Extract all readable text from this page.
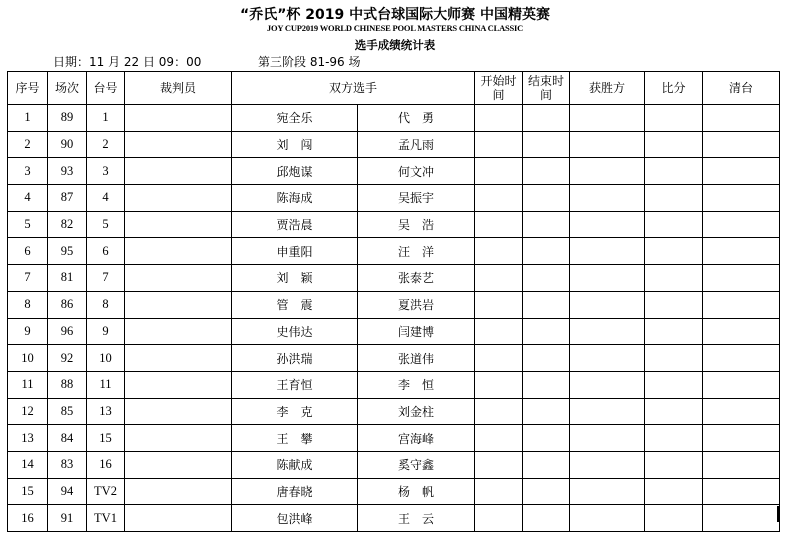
“乔氏”杯 2019 中式台球国际大师赛 中国精英赛
JOY CUP2019 WORLD CHINESE POOL MASTERS CHINA CLASSIC
选手成绩统计表
日期：11 月 22 日 09：00	第三阶段 81-96 场
序号	场次	台号	裁判员	双方选手		开始时间	结束时间	获胜方	比分	清台
1	89	1		宛全乐	代　勇					
2	90	2		刘　闯	孟凡雨					
3	93	3		邱炮谋	何文冲					
4	87	4		陈海成	吴振宇					
5	82	5		贾浩晨	吴　浩					
6	95	6		申重阳	汪　洋					
7	81	7		刘　颖	张泰艺					
8	86	8		管　震	夏洪岩					
9	96	9		史伟达	闫建博					
10	92	10		孙洪瑞	张道伟					
11	88	11		王育恒	李　恒					
12	85	13		李　克	刘金柱					
13	84	15		王　攀	宫海峰					
14	83	16		陈献成	奚守鑫					
15	94	TV2		唐春晓	杨　帆					
16	91	TV1		包洪峰	王　云					
